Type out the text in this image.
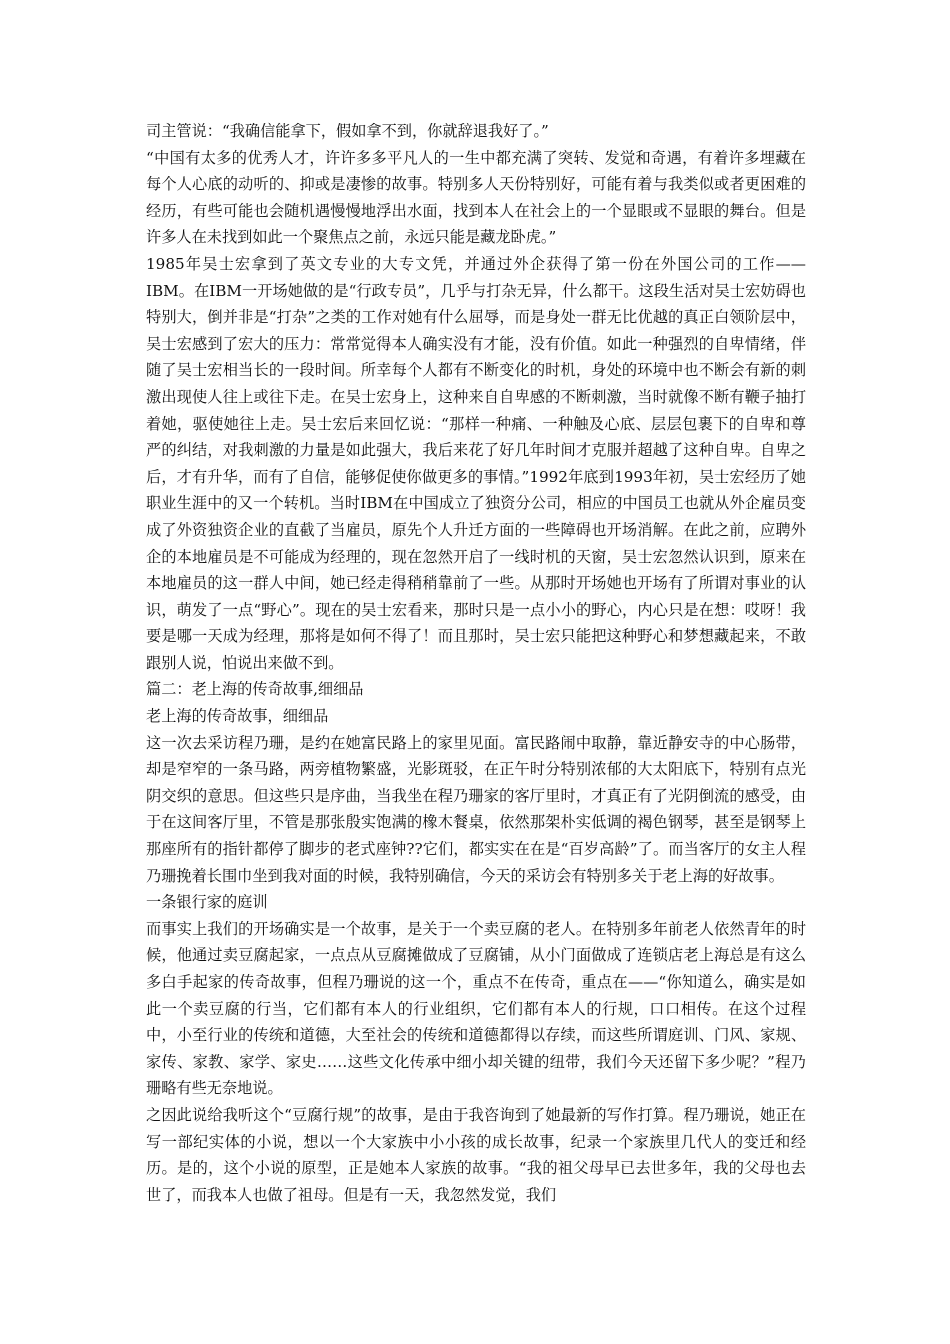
司主管说：“我确信能拿下，假如拿不到，你就辞退我好了。”

“中国有太多的优秀人才，许许多多平凡人的一生中都充满了突转、发觉和奇遇，有着许多埋藏在每个人心底的动听的、抑或是凄惨的故事。特别多人天份特别好，可能有着与我类似或者更困难的经历，有些可能也会随机遇慢慢地浮出水面，找到本人在社会上的一个显眼或不显眼的舞台。但是许多人在未找到如此一个聚焦点之前，永远只能是藏龙卧虎。”

1985年吴士宏拿到了英文专业的大专文凭，并通过外企获得了第一份在外国公司的工作——IBM。在IBM一开场她做的是“行政专员”，几乎与打杂无异，什么都干。这段生活对吴士宏妨碍也特别大，倒并非是“打杂”之类的工作对她有什么屈辱，而是身处一群无比优越的真正白领阶层中，吴士宏感到了宏大的压力：常常觉得本人确实没有才能，没有价值。如此一种强烈的自卑情绪，伴随了吴士宏相当长的一段时间。所幸每个人都有不断变化的时机，身处的环境中也不断会有新的刺激出现使人往上或往下走。在吴士宏身上，这种来自自卑感的不断刺激，当时就像不断有鞭子抽打着她，驱使她往上走。吴士宏后来回忆说：“那样一种痛、一种触及心底、层层包裹下的自卑和尊严的纠结，对我刺激的力量是如此强大，我后来花了好几年时间才克服并超越了这种自卑。自卑之后，才有升华，而有了自信，能够促使你做更多的事情。”1992年底到1993年初，吴士宏经历了她职业生涯中的又一个转机。当时IBM在中国成立了独资分公司，相应的中国员工也就从外企雇员变成了外资独资企业的直截了当雇员，原先个人升迁方面的一些障碍也开场消解。在此之前，应聘外企的本地雇员是不可能成为经理的，现在忽然开启了一线时机的天窗，吴士宏忽然认识到，原来在本地雇员的这一群人中间，她已经走得稍稍靠前了一些。从那时开场她也开场有了所谓对事业的认识，萌发了一点“野心”。现在的吴士宏看来，那时只是一点小小的野心，内心只是在想：哎呀！我要是哪一天成为经理，那将是如何不得了！而且那时，吴士宏只能把这种野心和梦想藏起来，不敢跟别人说，怕说出来做不到。

篇二：老上海的传奇故事,细细品

老上海的传奇故事，细细品

这一次去采访程乃珊，是约在她富民路上的家里见面。富民路闹中取静，靠近静安寺的中心肠带，却是窄窄的一条马路，两旁植物繁盛，光影斑驳，在正午时分特别浓郁的大太阳底下，特别有点光阴交织的意思。但这些只是序曲，当我坐在程乃珊家的客厅里时，才真正有了光阴倒流的感受，由于在这间客厅里，不管是那张殷实饱满的橡木餐桌，依然那架朴实低调的褐色钢琴，甚至是钢琴上那座所有的指针都停了脚步的老式座钟??它们，都实实在在是“百岁高龄”了。而当客厅的女主人程乃珊挽着长围巾坐到我对面的时候，我特别确信，今天的采访会有特别多关于老上海的好故事。

一条银行家的庭训

而事实上我们的开场确实是一个故事，是关于一个卖豆腐的老人。在特别多年前老人依然青年的时候，他通过卖豆腐起家，一点点从豆腐摊做成了豆腐铺，从小门面做成了连锁店老上海总是有这么多白手起家的传奇故事，但程乃珊说的这一个，重点不在传奇，重点在——“你知道么，确实是如此一个卖豆腐的行当，它们都有本人的行业组织，它们都有本人的行规，口口相传。在这个过程中，小至行业的传统和道德，大至社会的传统和道德都得以存续，而这些所谓庭训、门风、家规、家传、家教、家学、家史……这些文化传承中细小却关键的纽带，我们今天还留下多少呢？”程乃珊略有些无奈地说。

之因此说给我听这个“豆腐行规”的故事，是由于我咨询到了她最新的写作打算。程乃珊说，她正在写一部纪实体的小说，想以一个大家族中小小孩的成长故事，纪录一个家族里几代人的变迁和经历。是的，这个小说的原型，正是她本人家族的故事。“我的祖父母早已去世多年，我的父母也去世了，而我本人也做了祖母。但是有一天，我忽然发觉，我们
